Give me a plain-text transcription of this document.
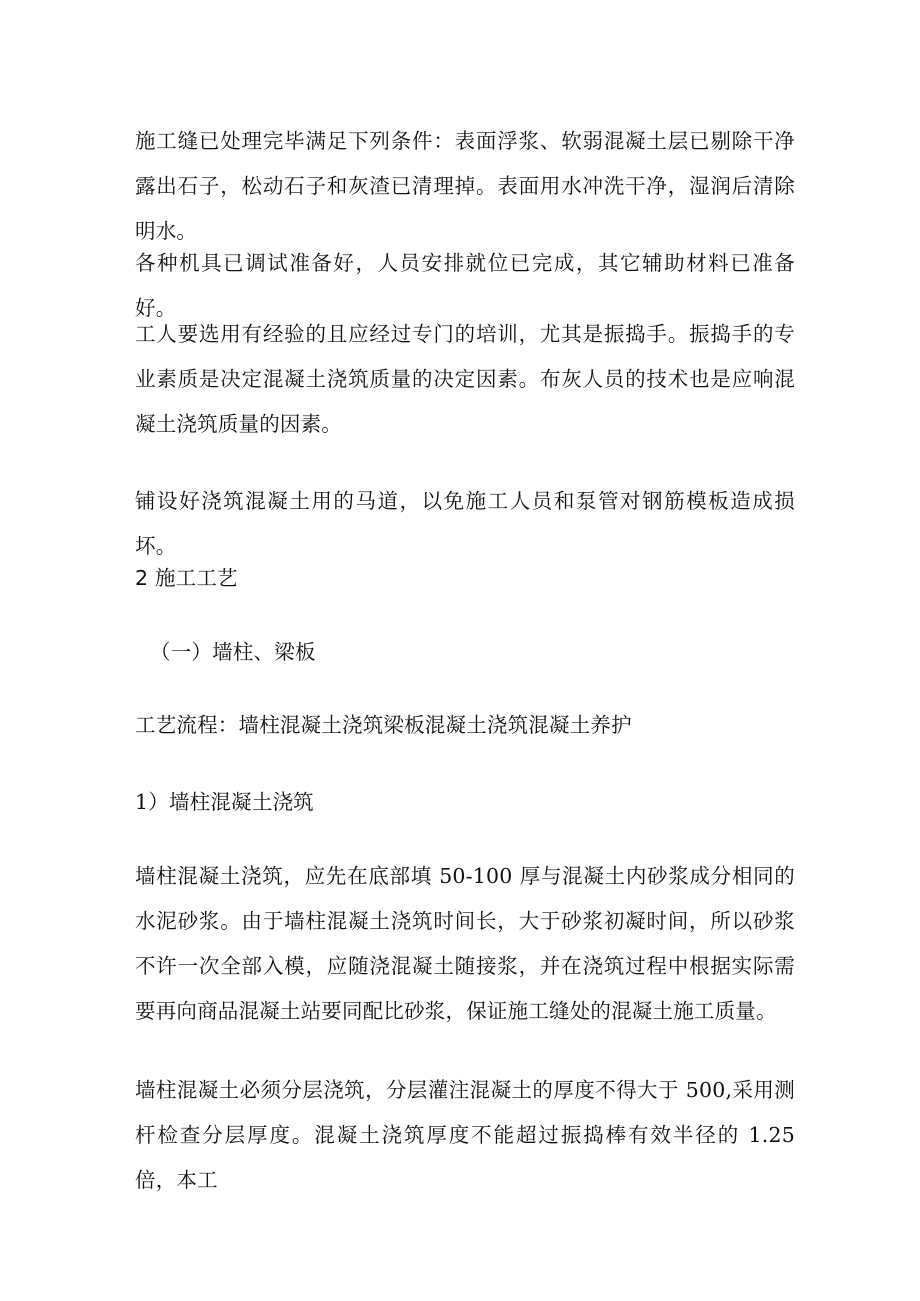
施工缝已处理完毕满足下列条件：表面浮浆、软弱混凝土层已剔除干净露出石子，松动石子和灰渣已清理掉。表面用水冲洗干净，湿润后清除明水。

各种机具已调试准备好，人员安排就位已完成，其它辅助材料已准备好。

工人要选用有经验的且应经过专门的培训，尤其是振捣手。振捣手的专业素质是决定混凝土浇筑质量的决定因素。布灰人员的技术也是应响混凝土浇筑质量的因素。

铺设好浇筑混凝土用的马道，以免施工人员和泵管对钢筋模板造成损坏。

2 施工工艺

（一）墙柱、梁板

工艺流程：墙柱混凝土浇筑梁板混凝土浇筑混凝土养护

1）墙柱混凝土浇筑

墙柱混凝土浇筑，应先在底部填 50-100 厚与混凝土内砂浆成分相同的水泥砂浆。由于墙柱混凝土浇筑时间长，大于砂浆初凝时间，所以砂浆不许一次全部入模，应随浇混凝土随接浆，并在浇筑过程中根据实际需要再向商品混凝土站要同配比砂浆，保证施工缝处的混凝土施工质量。

墙柱混凝土必须分层浇筑，分层灌注混凝土的厚度不得大于 500,采用测杆检查分层厚度。混凝土浇筑厚度不能超过振捣棒有效半径的 1.25 倍，本工
